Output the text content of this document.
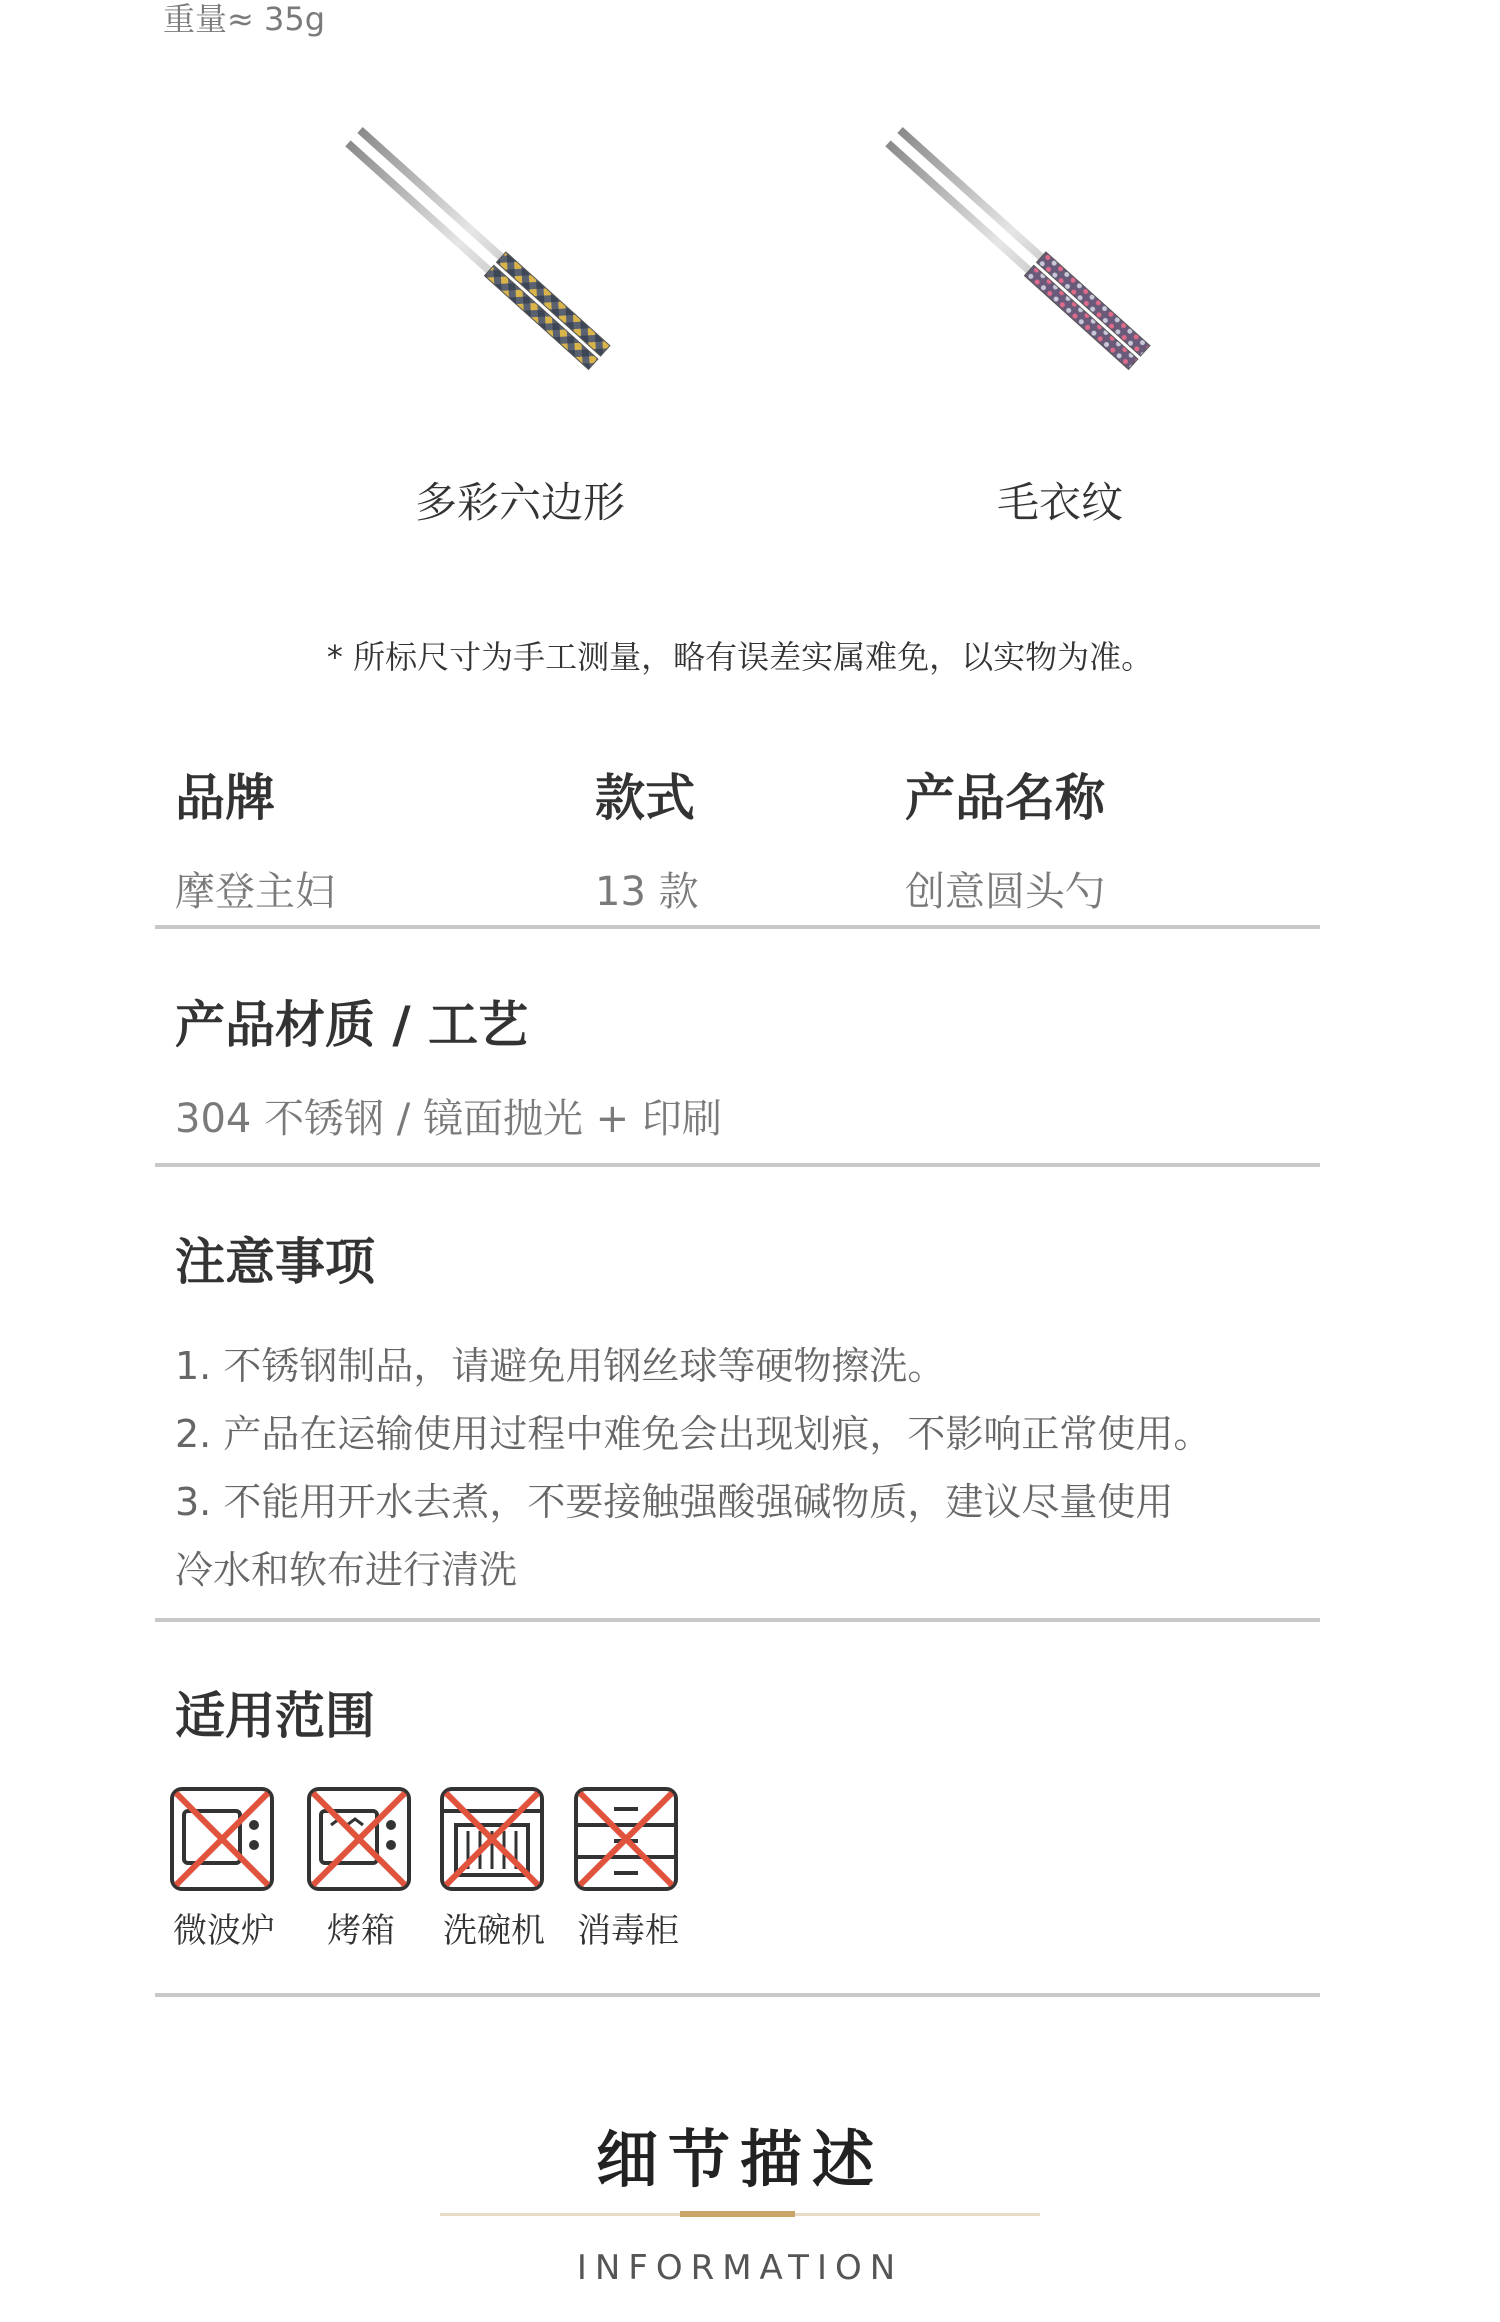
重量≈ 35g
多彩六边形	毛衣纹
* 所标尺寸为手工测量，略有误差实属难免，以实物为准。
品牌	款式	产品名称
摩登主妇	13 款	创意圆头勺
产品材质 / 工艺
304 不锈钢 / 镜面抛光 + 印刷
注意事项
1. 不锈钢制品，请避免用钢丝球等硬物擦洗。
2. 产品在运输使用过程中难免会出现划痕，不影响正常使用。
3. 不能用开水去煮，不要接触强酸强碱物质，建议尽量使用
冷水和软布进行清洗
适用范围
微波炉	烤箱	洗碗机 消毒柜
细节描述
INFORMATION
